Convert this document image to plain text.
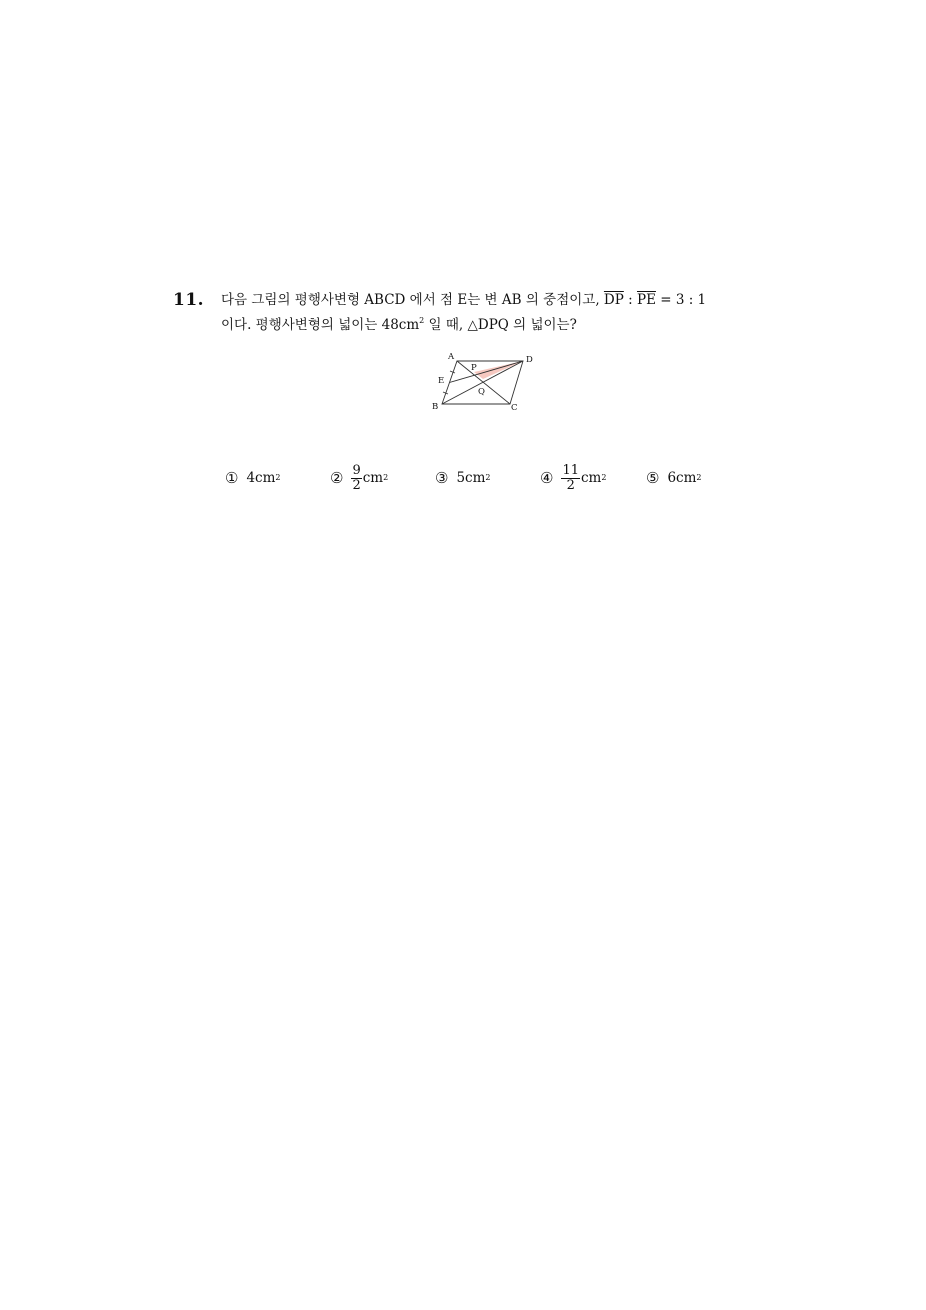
11. 다음 그림의 평행사변형 ABCD 에서 점 E는 변 AB 의 중점이고, $\overline{DP}$ : $\overline{PE} = 3$ : 1
이다. 평행사변형의 넓이는 $48cm^2$ 일 때, △DPQ 의 넓이는?
A	D
E
P
Q
B	C
① 4cm 2	② $\frac{9}{2}$ cm 2	③ 5cm 2	④ $\frac{11}{2}$ cm 2	⑤ 6cm 2
